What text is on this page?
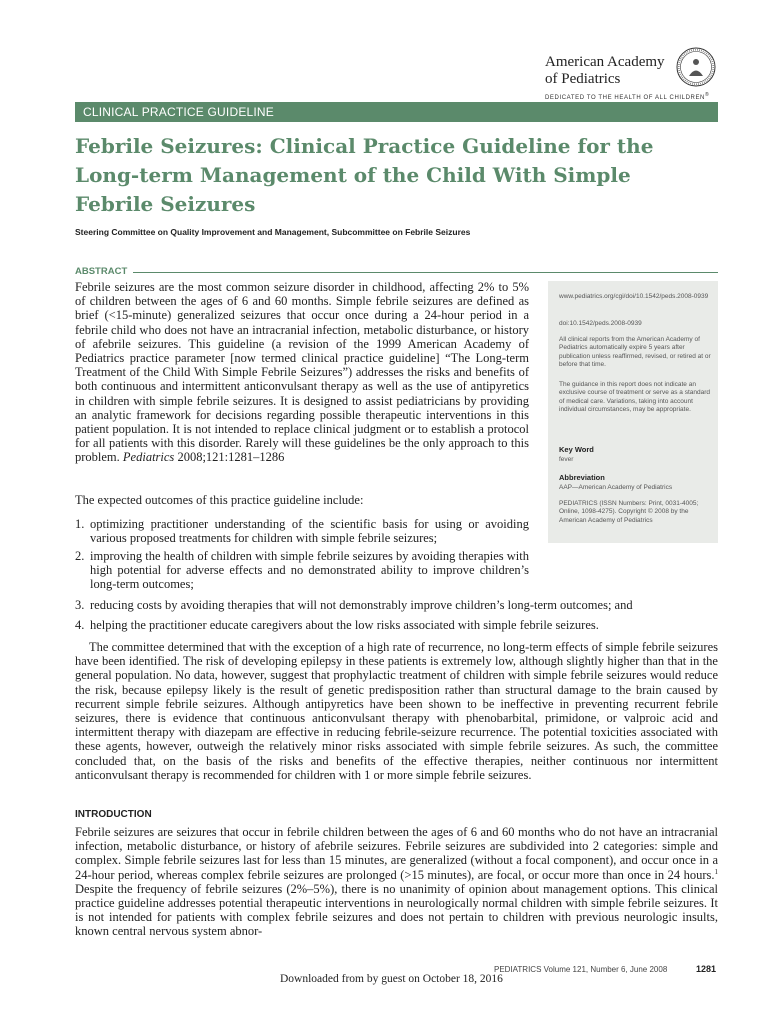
American Academy
of Pediatrics
DEDICATED TO THE HEALTH OF ALL CHILDREN®
CLINICAL PRACTICE GUIDELINE
Febrile Seizures: Clinical Practice Guideline for the
Long-term Management of the Child With Simple
Febrile Seizures
Steering Committee on Quality Improvement and Management, Subcommittee on Febrile Seizures
ABSTRACT

Febrile seizures are the most common seizure disorder in childhood, affecting 2% to 5% of children between the ages of 6 and 60 months. Simple febrile seizures are defined as brief (<15-minute) generalized seizures that occur once during a 24-hour period in a febrile child who does not have an intracranial infection, metabolic disturbance, or history of afebrile seizures. This guideline (a revision of the 1999 American Academy of Pediatrics practice parameter [now termed clinical practice guideline] “The Long-term Treatment of the Child With Simple Febrile Seizures”) addresses the risks and benefits of both continuous and intermittent anticonvulsant therapy as well as the use of antipyretics in children with simple febrile seizures. It is designed to assist pediatricians by providing an analytic framework for decisions regarding possible therapeutic interventions in this patient population. It is not intended to replace clinical judgment or to establish a protocol for all patients with this disorder. Rarely will these guidelines be the only approach to this problem. Pediatrics 2008;121:1281–1286

www.pediatrics.org/cgi/doi/10.1542/peds.2008-0939

doi:10.1542/peds.2008-0939

All clinical reports from the American Academy of Pediatrics automatically expire 5 years after publication unless reaffirmed, revised, or retired at or before that time.

The guidance in this report does not indicate an exclusive course of treatment or serve as a standard of medical care. Variations, taking into account individual circumstances, may be appropriate.

Key Word

fever

Abbreviation

AAP—American Academy of Pediatrics

PEDIATRICS (ISSN Numbers: Print, 0031-4005; Online, 1098-4275). Copyright © 2008 by the American Academy of Pediatrics

The expected outcomes of this practice guideline include:

1. optimizing practitioner understanding of the scientific basis for using or avoiding various proposed treatments for children with simple febrile seizures;
2. improving the health of children with simple febrile seizures by avoiding therapies with high potential for adverse effects and no demonstrated ability to improve children’s long-term outcomes;
3. reducing costs by avoiding therapies that will not demonstrably improve children’s long-term outcomes; and
4. helping the practitioner educate caregivers about the low risks associated with simple febrile seizures.

The committee determined that with the exception of a high rate of recurrence, no long-term effects of simple febrile seizures have been identified. The risk of developing epilepsy in these patients is extremely low, although slightly higher than that in the general population. No data, however, suggest that prophylactic treatment of children with simple febrile seizures would reduce the risk, because epilepsy likely is the result of genetic predisposition rather than structural damage to the brain caused by recurrent simple febrile seizures. Although antipyretics have been shown to be ineffective in preventing recurrent febrile seizures, there is evidence that continuous anticonvulsant therapy with phenobarbital, primidone, or valproic acid and intermittent therapy with diazepam are effective in reducing febrile-seizure recurrence. The potential toxicities associated with these agents, however, outweigh the relatively minor risks associated with simple febrile seizures. As such, the committee concluded that, on the basis of the risks and benefits of the effective therapies, neither continuous nor intermittent anticonvulsant therapy is recommended for children with 1 or more simple febrile seizures.

INTRODUCTION

Febrile seizures are seizures that occur in febrile children between the ages of 6 and 60 months who do not have an intracranial infection, metabolic disturbance, or history of afebrile seizures. Febrile seizures are subdivided into 2 categories: simple and complex. Simple febrile seizures last for less than 15 minutes, are generalized (without a focal component), and occur once in a 24-hour period, whereas complex febrile seizures are prolonged (>15 minutes), are focal, or occur more than once in 24 hours.$^1$ Despite the frequency of febrile seizures (2%–5%), there is no unanimity of opinion about management options. This clinical practice guideline addresses potential therapeutic interventions in neurologically normal children with simple febrile seizures. It is not intended for patients with complex febrile seizures and does not pertain to children with previous neurologic insults, known central nervous system abnor-

PEDIATRICS Volume 121, Number 6, June 2008	1281
Downloaded from by guest on October 18, 2016
